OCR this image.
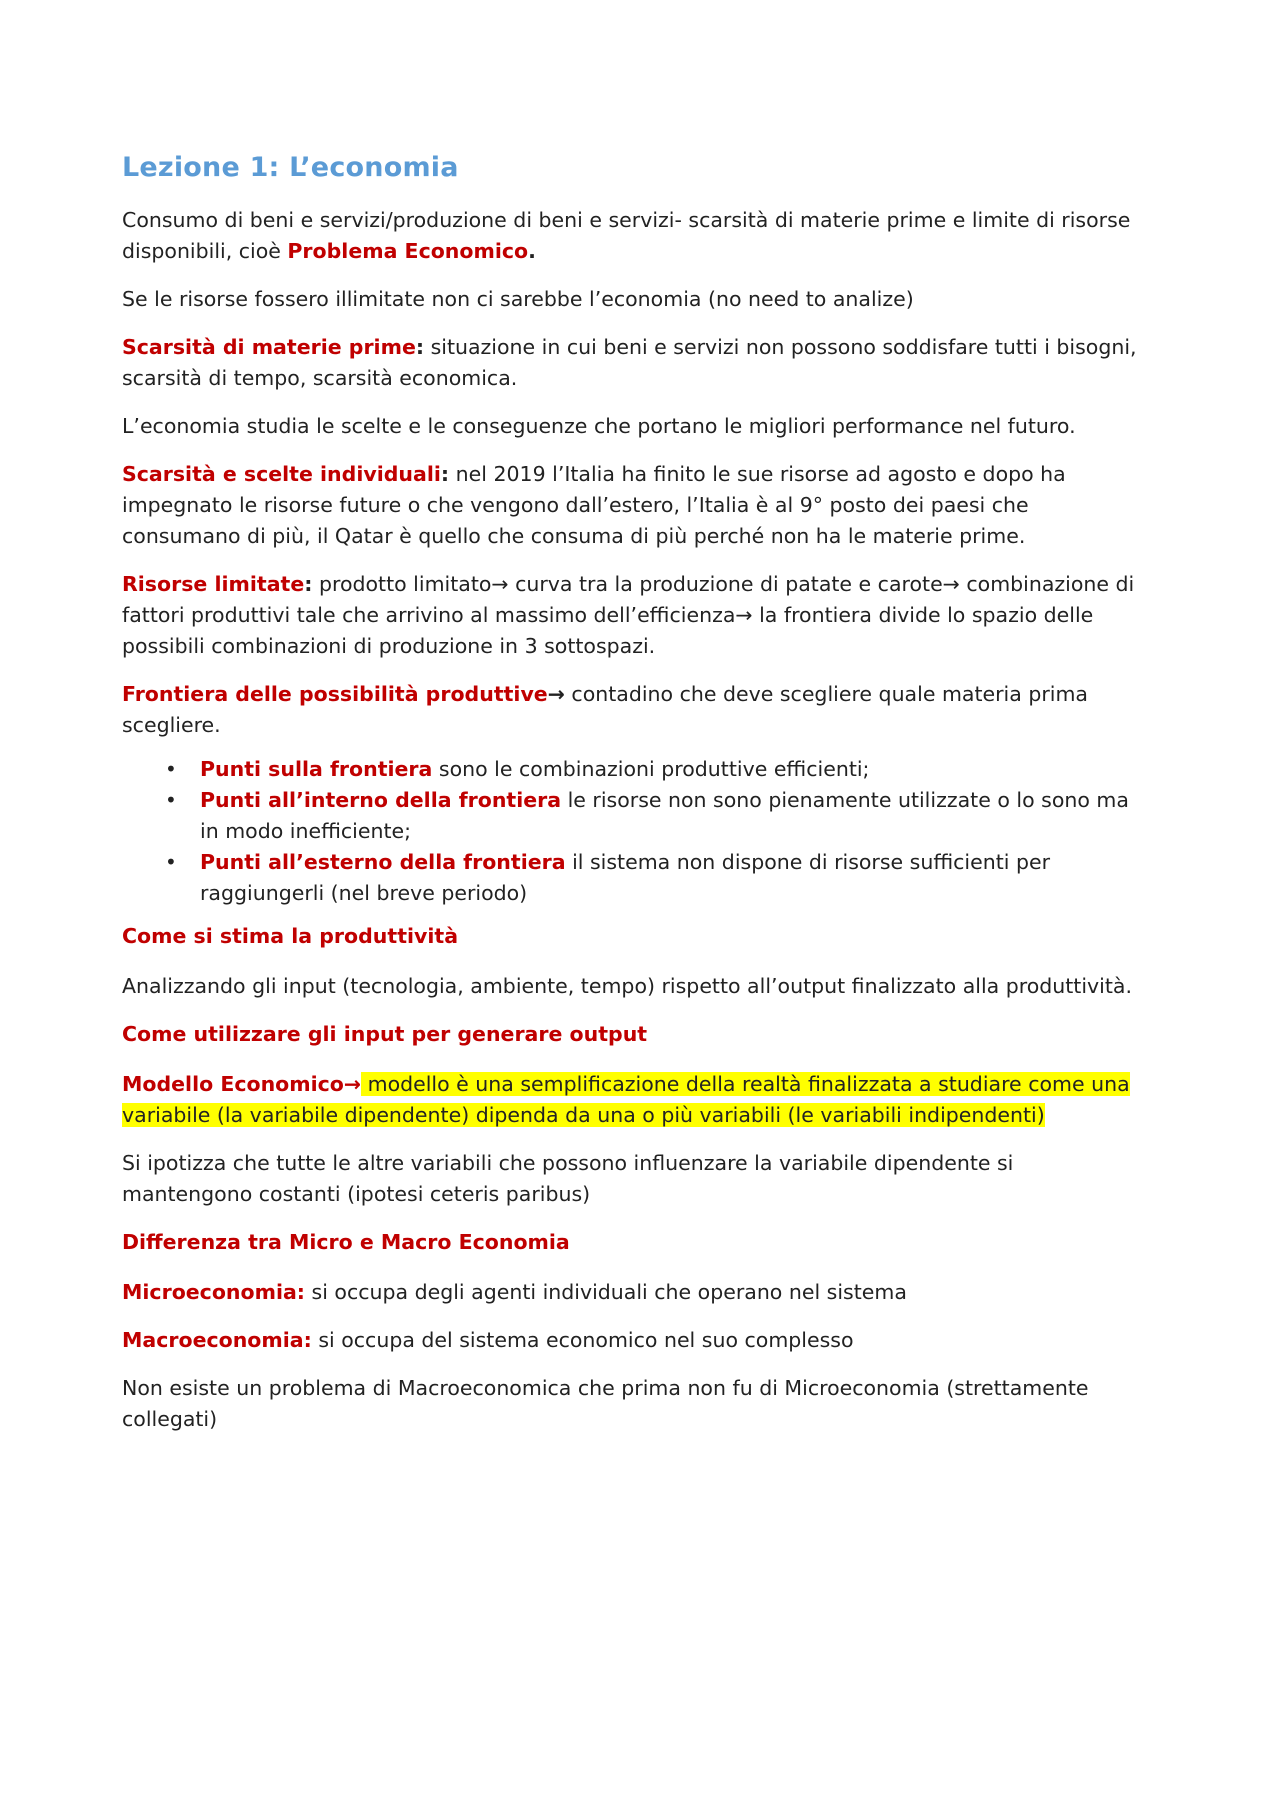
Lezione 1: L’economia

Consumo di beni e servizi/produzione di beni e servizi- scarsità di materie prime e limite di risorse disponibili, cioè Problema Economico.

Se le risorse fossero illimitate non ci sarebbe l’economia (no need to analize)

Scarsità di materie prime: situazione in cui beni e servizi non possono soddisfare tutti i bisogni, scarsità di tempo, scarsità economica.

L’economia studia le scelte e le conseguenze che portano le migliori performance nel futuro.

Scarsità e scelte individuali: nel 2019 l’Italia ha finito le sue risorse ad agosto e dopo ha impegnato le risorse future o che vengono dall’estero, l’Italia è al 9° posto dei paesi che consumano di più, il Qatar è quello che consuma di più perché non ha le materie prime.

Risorse limitate: prodotto limitato→ curva tra la produzione di patate e carote→ combinazione di fattori produttivi tale che arrivino al massimo dell’efficienza→ la frontiera divide lo spazio delle possibili combinazioni di produzione in 3 sottospazi.

Frontiera delle possibilità produttive→ contadino che deve scegliere quale materia prima scegliere.

• Punti sulla frontiera sono le combinazioni produttive efficienti;
• Punti all’interno della frontiera le risorse non sono pienamente utilizzate o lo sono ma in modo inefficiente;
• Punti all’esterno della frontiera il sistema non dispone di risorse sufficienti per raggiungerli (nel breve periodo)
Come si stima la produttività

Analizzando gli input (tecnologia, ambiente, tempo) rispetto all’output finalizzato alla produttività.

Come utilizzare gli input per generare output

Modello Economico→ modello è una semplificazione della realtà finalizzata a studiare come una variabile (la variabile dipendente) dipenda da una o più variabili (le variabili indipendenti)

Si ipotizza che tutte le altre variabili che possono influenzare la variabile dipendente si mantengono costanti (ipotesi ceteris paribus)

Differenza tra Micro e Macro Economia

Microeconomia: si occupa degli agenti individuali che operano nel sistema

Macroeconomia: si occupa del sistema economico nel suo complesso

Non esiste un problema di Macroeconomica che prima non fu di Microeconomia (strettamente collegati)
